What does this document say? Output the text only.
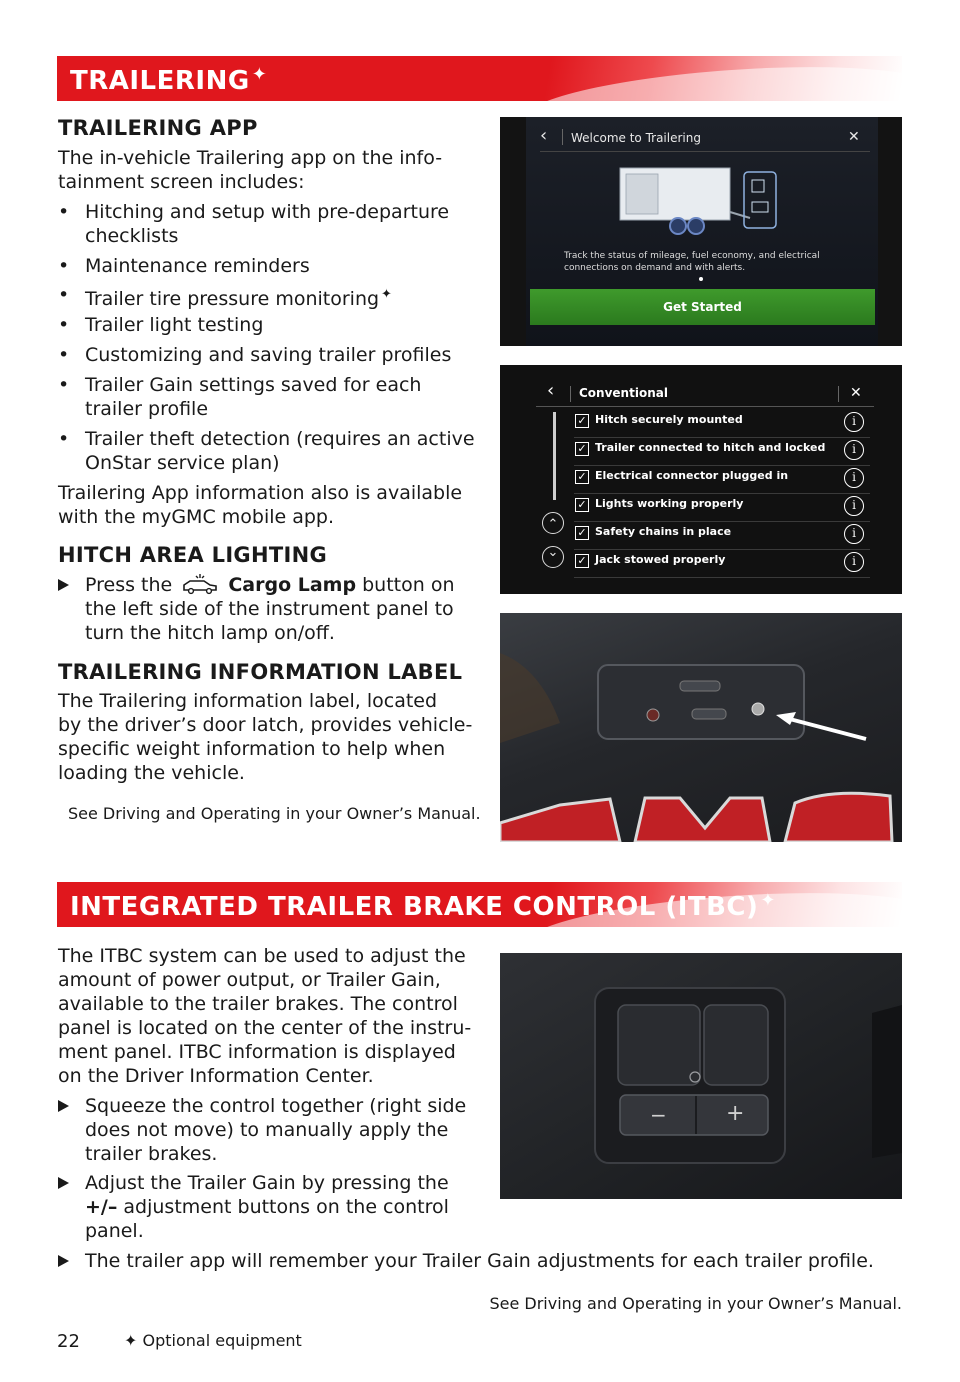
TRAILERING ✦
TRAILERING APP
The in-vehicle Trailering app on the info-
tainment screen includes:
• Hitching and setup with pre-departure
checklists
• Maintenance reminders
• Trailer tire pressure monitoring ✦
• Trailer light testing
• Customizing and saving trailer profiles
• Trailer Gain settings saved for each
trailer profile
• Trailer theft detection (requires an active
OnStar service plan)
Trailering App information also is available
with the myGMC mobile app.
HITCH AREA LIGHTING
Press the	Cargo Lamp button on
the left side of the instrument panel to
turn the hitch lamp on/off.
TRAILERING INFORMATION LABEL
The Trailering information label, located
by the driver’s door latch, provides vehicle-
specific weight information to help when
loading the vehicle.
See Driving and Operating in your Owner’s Manual.
‹ Welcome to Trailering	✕
Track the status of mileage, fuel economy, and electrical
connections on demand and with alerts.
Get Started
‹ Conventional	✕
⌃
⌄
✓ Hitch securely mounted	i
✓ Trailer connected to hitch and locked	i
✓ Electrical connector plugged in	i
✓ Lights working properly	i
✓ Safety chains in place	i
✓ Jack stowed properly	i
INTEGRATED TRAILER BRAKE CONTROL (ITBC) ✦
The ITBC system can be used to adjust the
amount of power output, or Trailer Gain,
available to the trailer brakes. The control
panel is located on the center of the instru-
ment panel. ITBC information is displayed
on the Driver Information Center.
Squeeze the control together (right side
does not move) to manually apply the
trailer brakes.
Adjust the Trailer Gain by pressing the
+/– adjustment buttons on the control
panel.
The trailer app will remember your Trailer Gain adjustments for each trailer profile.
See Driving and Operating in your Owner’s Manual.
−	+
22	✦ Optional equipment
